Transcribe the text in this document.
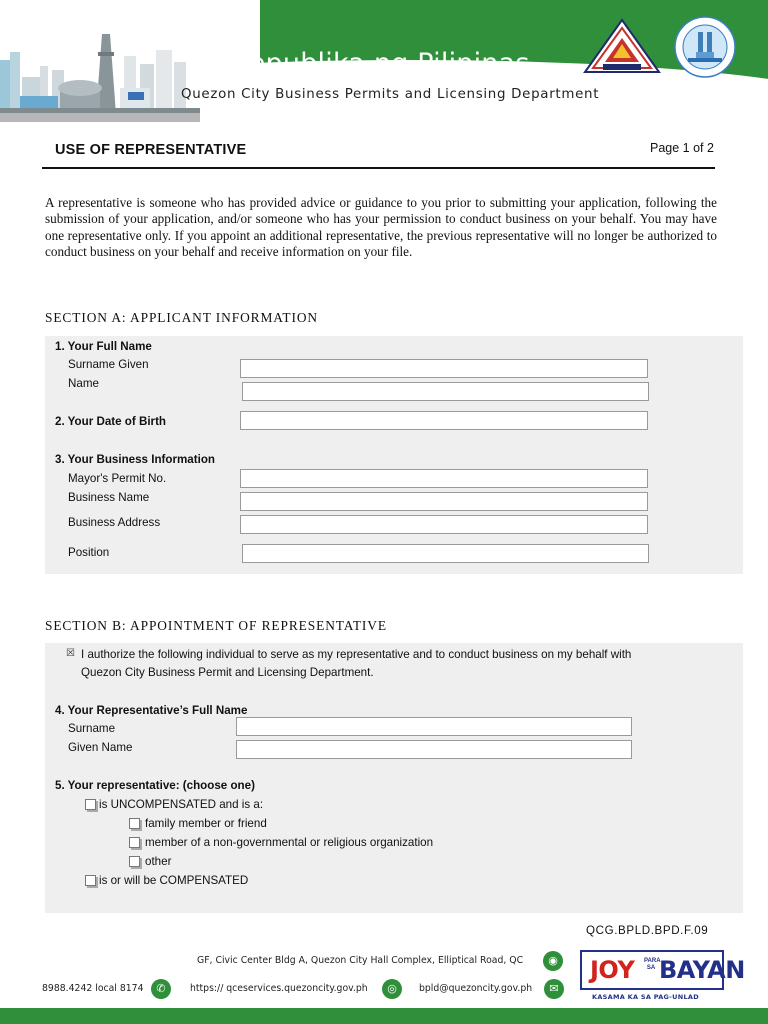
Republika ng Pilipinas
Quezon City Business Permits and Licensing Department
USE OF REPRESENTATIVE	Page 1 of 2

A representative is someone who has provided advice or guidance to you prior to submitting your application, following the submission of your application, and/or someone who has your permission to conduct business on your behalf. You may have one representative only. If you appoint an additional representative, the previous representative will no longer be authorized to conduct business on your behalf and receive information on your file.

SECTION A: APPLICANT INFORMATION
1. Your Full Name
Surname Given
Name
2. Your Date of Birth
3. Your Business Information
Mayor's Permit No.
Business Name
Business Address
Position
SECTION B: APPOINTMENT OF REPRESENTATIVE
☒ I authorize the following individual to serve as my representative and to conduct business on my behalf with
Quezon City Business Permit and Licensing Department.
4. Your Representative’s Full Name
Surname
Given Name
5. Your representative: (choose one)
is UNCOMPENSATED and is a:
family member or friend
member of a non-governmental or religious organization
other
is or will be COMPENSATED
QCG.BPLD.BPD.F.09
GF, Civic Center Bldg A, Quezon City Hall Complex, Elliptical Road, QC	◉
8988.4242 local 8174	✆	https:// qceservices.quezoncity.gov.ph	◎	bpld@quezoncity.gov.ph	✉
JOY PARA SA BAYAN
KASAMA KA SA PAG-UNLAD
